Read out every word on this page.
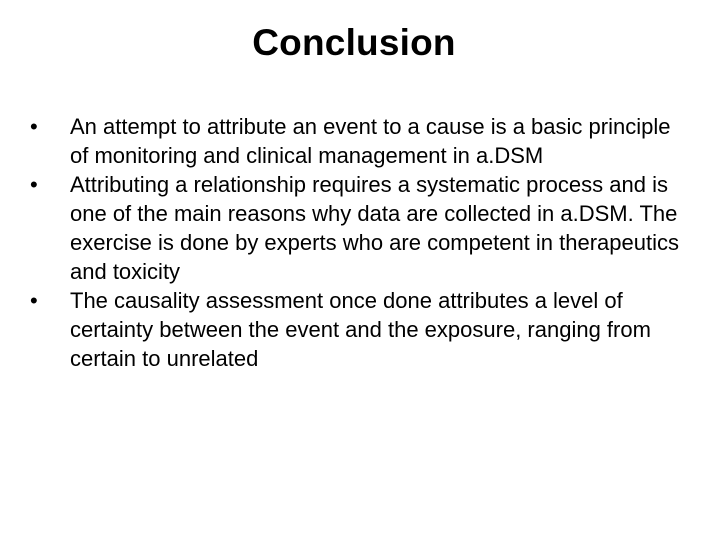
Conclusion
•	An attempt to attribute an event to a cause is a basic principle of monitoring and clinical management in a.DSM
•	Attributing a relationship requires a systematic process and is one of the main reasons why data are collected in a.DSM. The exercise is done by experts who are competent in therapeutics and toxicity
•	The causality assessment once done attributes a level of certainty between the event and the exposure, ranging from certain to unrelated
